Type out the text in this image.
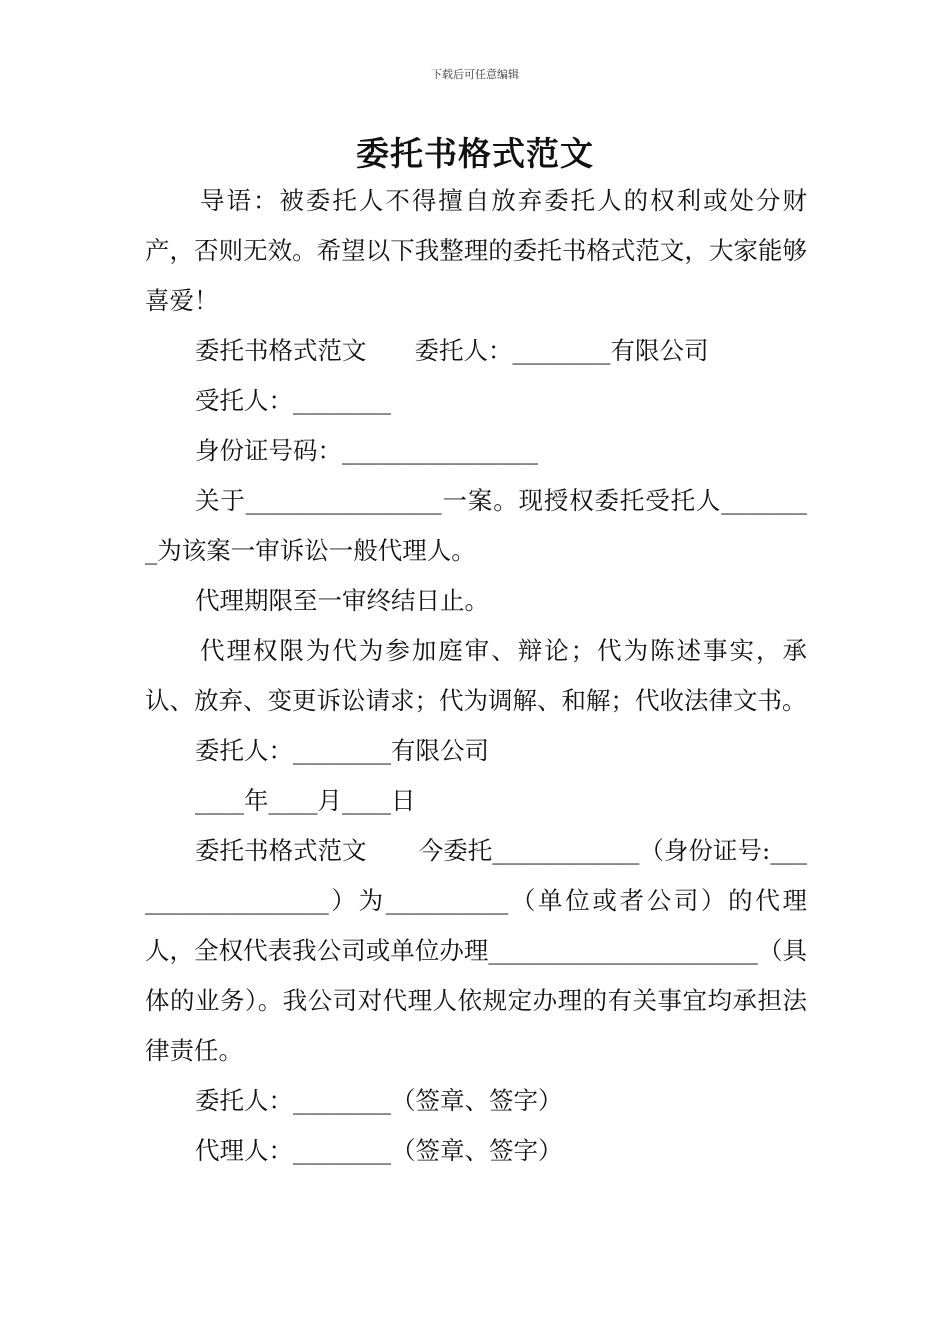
下载后可任意编辑
委托书格式范文

导语：被委托人不得擅自放弃委托人的权利或处分财产，否则无效。希望以下我整理的委托书格式范文，大家能够喜爱！

委托书格式范文 委托人：________有限公司

受托人：________

身份证号码：________________

关于________________一案。现授权委托受托人________为该案一审诉讼一般代理人。

代理期限至一审终结日止。

代理权限为代为参加庭审、辩论；代为陈述事实，承认、放弃、变更诉讼请求；代为调解、和解；代收法律文书。

委托人：________有限公司

____年____月____日

委托书格式范文 今委托____________（身份证号:__________________）为__________（单位或者公司）的代理人，全权代表我公司或单位办理______________________（具体的业务）。我公司对代理人依规定办理的有关事宜均承担法律责任。

委托人：________（签章、签字）

代理人：________（签章、签字）
